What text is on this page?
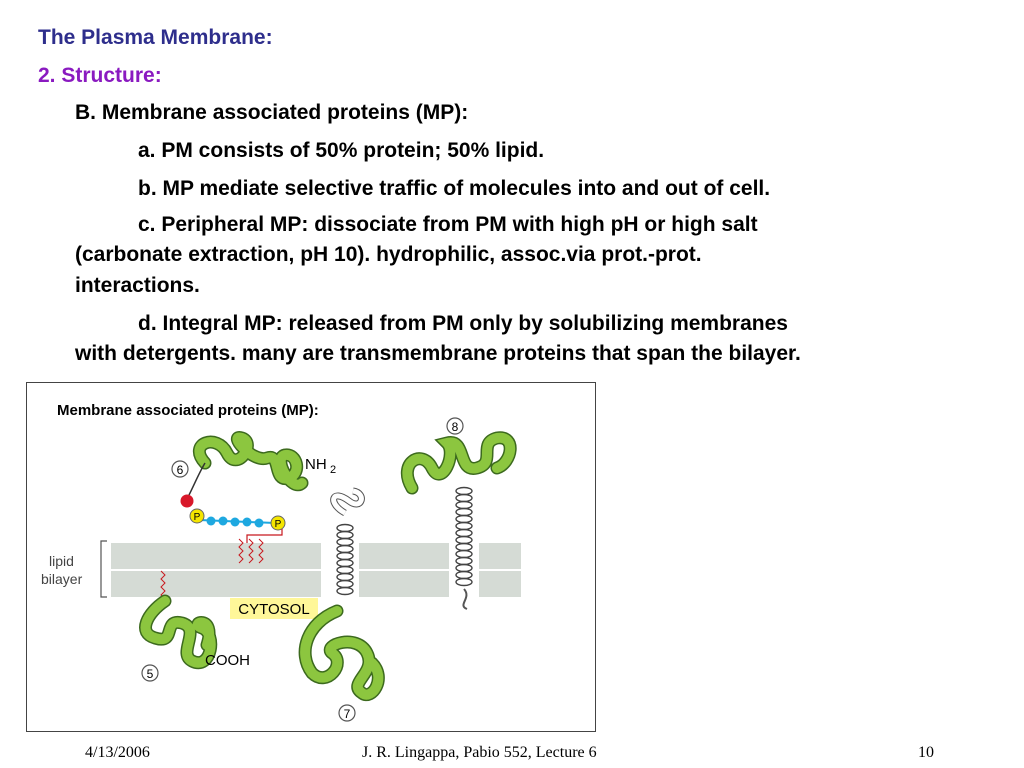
The Plasma Membrane:
2. Structure:
B. Membrane associated proteins (MP):
a. PM consists of 50% protein; 50% lipid.
b. MP mediate selective traffic of molecules into and out of cell.
c. Peripheral MP: dissociate from PM with high pH or high salt
(carbonate extraction, pH 10). hydrophilic, assoc.via prot.-prot.
interactions.
d. Integral MP: released from PM only by solubilizing membranes
with detergents. many are transmembrane proteins that span the bilayer.
Membrane associated proteins (MP):
lipid
bilayer
6	NH 2
P
P
COOH
5
CYTOSOL
7
8
4/13/2006	J. R. Lingappa, Pabio 552, Lecture 6	10
